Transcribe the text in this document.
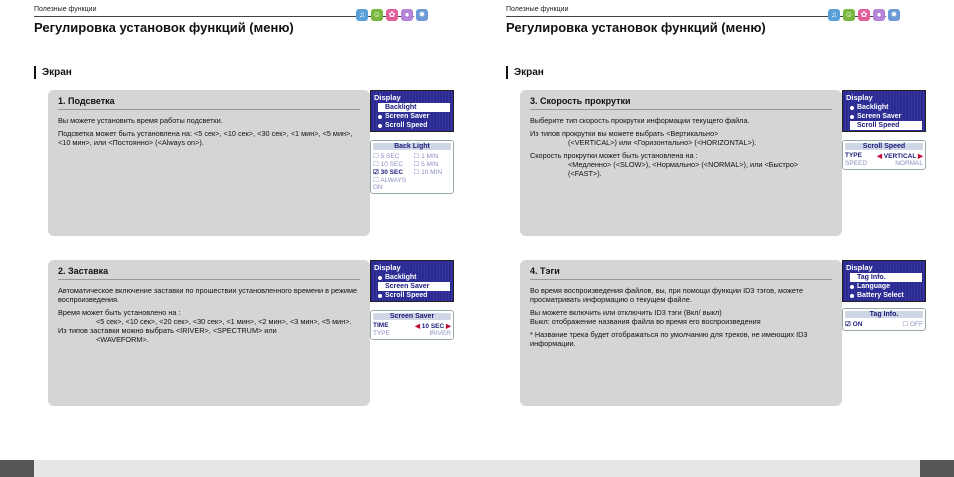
Полезные функции
♫ ☺ ✿	●	✹
Регулировка установок функций (меню)
Экран
1. Подсветка

Вы можете установить время работы подсветки.

Подсветка может быть установлена на: <5 сек>, <10 сек>, <30 сек>, <1 мин>, <5 мин>, <10 мин>, или <Постоянно> (<Always on>).

Display
Backlight
Screen Saver
Scroll Speed
Back Light
☐ 5 SEC	☐ 1 MIN
☐ 10 SEC	☐ 5 MIN
☑ 30 SEC	☐ 10 MIN
☐ ALWAYS ON
2. Заставка

Автоматическое включение заставки по прошествии установленного времени в режиме воспроизведения.

Время может быть установлено на :

<5 сек>, <10 сек>, <20 сек>, <30 сек>, <1 мин>, <2 мин>, <3 мин>, <5 мин>.

Из типов заставки можно выбрать <IRIVER>, <SPECTRUM> или

<WAVEFORM>.

Display
Backlight
Screen Saver
Scroll Speed
Screen Saver
TIME	◀ 10 SEC ▶
TYPE	IRIVER
Полезные функции
♫ ☺ ✿	●	✹
Регулировка установок функций (меню)
Экран
3. Скорость прокрутки

Выберите тип скорость прокрутки информации текущего файла.

Из типов прокрутки вы можете выбрать <Вертикально>

(<VERTICAL>) или <Горизонтально> (<HORIZONTAL>).

Скорость прокрутки может быть установлена на :

<Медленно> (<SLOW>), <Нормально> (<NORMAL>), или <Быстро> (<FAST>).

Display
Backlight
Screen Saver
Scroll Speed
Scroll Speed
TYPE ◀ VERTICAL ▶
SPEED	NORMAL
4. Тэги

Во время воспроизведения файлов, вы, при помощи функции ID3 тэгов, можете просматривать информацию о текущем файле.

Вы можете включить или отключить ID3 тэги (Вкл/ выкл)

Выкл: отображение названия файла во время его воспроизведения

* Название трека будет отображаться по умолчанию для треков, не имеющих ID3 информации.

Display
Tag Info.
Language
Battery Select
Tag Info.
☑ ON	☐ OFF
